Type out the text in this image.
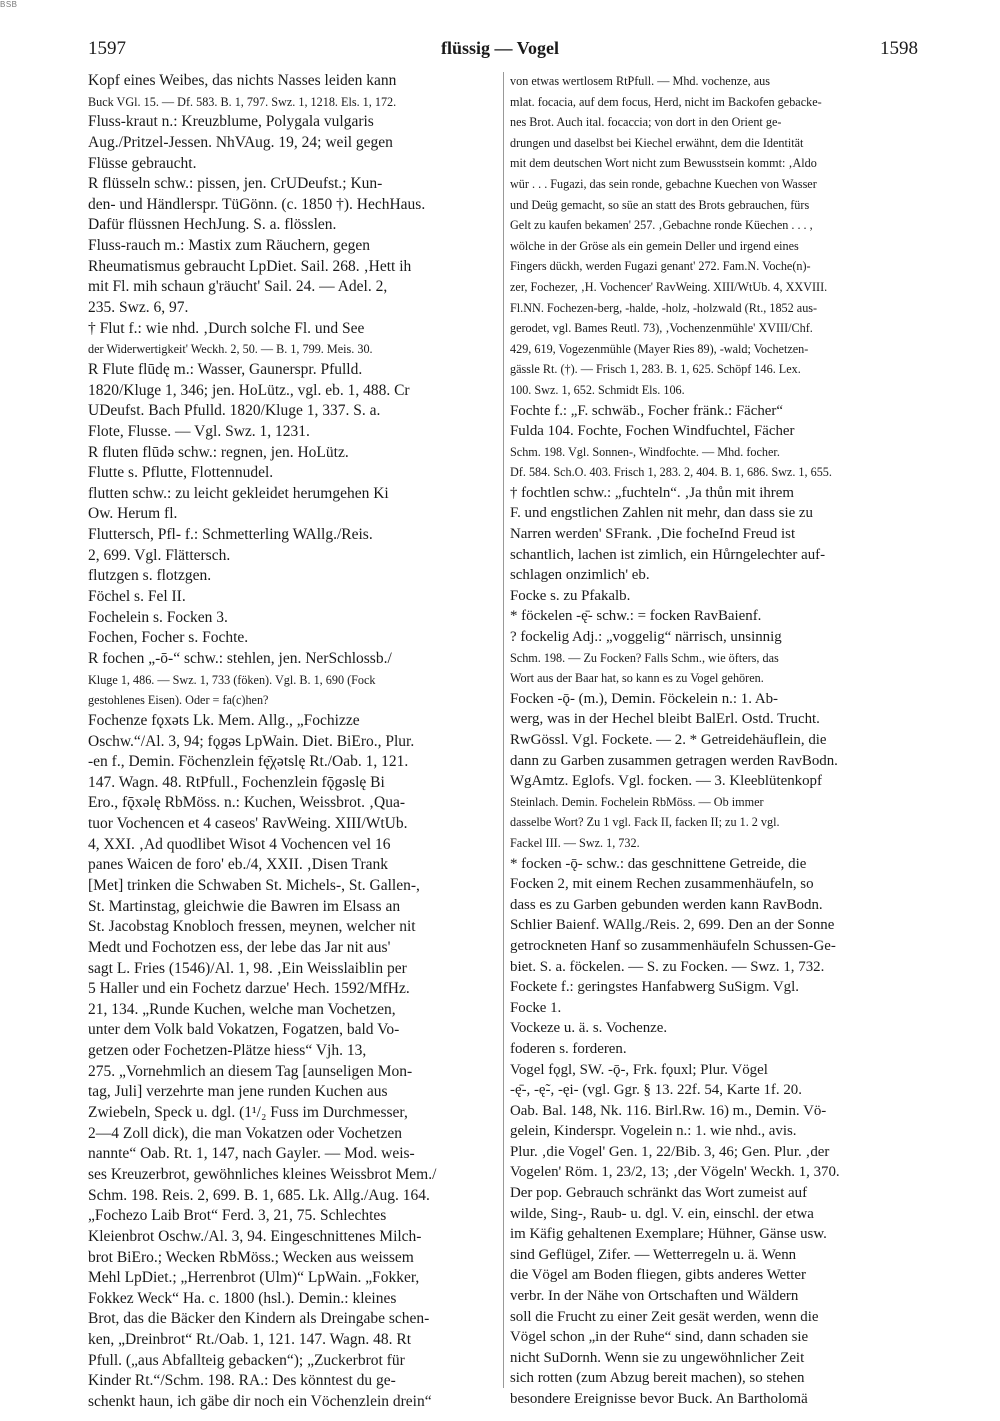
BSB
1597	flüssig — Vogel	1598

Kopf eines Weibes, das nichts Nasses leiden kann

Buck VGl. 15. — Df. 583. B. 1, 797. Swz. 1, 1218. Els. 1, 172.

Fluss-kraut n.: Kreuzblume, Polygala vulgaris

Aug./Pritzel-Jessen. NhVAug. 19, 24; weil gegen

Flüsse gebraucht.

R flüsseln schw.: pissen, jen. CrUDeufst.; Kun-

den- und Händlerspr. TüGönn. (c. 1850 †). HechHaus.

Dafür flüssnen HechJung. S. a. flösslen.

Fluss-rauch m.: Mastix zum Räuchern, gegen

Rheumatismus gebraucht LpDiet. Sail. 268. ‚Hett ih

mit Fl. mih schaun g'räucht' Sail. 24. — Adel. 2,

235. Swz. 6, 97.

† Flut f.: wie nhd. ‚Durch solche Fl. und See

der Widerwertigkeit' Weckh. 2, 50. — B. 1, 799. Meis. 30.

R Flute flūdę m.: Wasser, Gaunerspr. Pfulld.

1820/Kluge 1, 346; jen. HoLütz., vgl. eb. 1, 488. Cr

UDeufst. Bach Pfulld. 1820/Kluge 1, 337. S. a.

Flote, Flusse. — Vgl. Swz. 1, 1231.

R fluten flūdə schw.: regnen, jen. HoLütz.

Flutte s. Pflutte, Flottennudel.

flutten schw.: zu leicht gekleidet herumgehen Ki

Ow. Herum fl.

Fluttersch, Pfl- f.: Schmetterling WAllg./Reis.

2, 699. Vgl. Flättersch.

flutzgen s. flotzgen.

Föchel s. Fel II.

Fochelein s. Focken 3.

Fochen, Focher s. Fochte.

R fochen „-ō-“ schw.: stehlen, jen. NerSchlossb./

Kluge 1, 486. — Swz. 1, 733 (föken). Vgl. B. 1, 690 (Fock

gestohlenes Eisen). Oder = fa(c)hen?

Fochenze fǫxəts Lk. Mem. Allg., „Fochizze

Oschw.“/Al. 3, 94; fǫgəs LpWain. Diet. BiEro., Plur.

-en f., Demin. Föchenzlein fę̄χətslę Rt./Oab. 1, 121.

147. Wagn. 48. RtPfull., Fochenzlein fǭgəslę Bi

Ero., fǭxəlę RbMöss. n.: Kuchen, Weissbrot. ‚Qua-

tuor Vochencen et 4 caseos' RavWeing. XIII/WtUb.

4, XXI. ‚Ad quodlibet Wisot 4 Vochencen vel 16

panes Waicen de foro' eb./4, XXII. ‚Disen Trank

[Met] trinken die Schwaben St. Michels-, St. Gallen-,

St. Martinstag, gleichwie die Bawren im Elsass an

St. Jacobstag Knobloch fressen, meynen, welcher nit

Medt und Fochotzen ess, der lebe das Jar nit aus'

sagt L. Fries (1546)/Al. 1, 98. ‚Ein Weisslaiblin per

5 Haller und ein Fochetz darzue' Hech. 1592/MfHz.

21, 134. „Runde Kuchen, welche man Vochetzen,

unter dem Volk bald Vokatzen, Fogatzen, bald Vo-

getzen oder Fochetzen-Plätze hiess“ Vjh. 13,

275. „Vornehmlich an diesem Tag [aunseligen Mon-

tag, Juli] verzehrte man jene runden Kuchen aus

Zwiebeln, Speck u. dgl. (1¹/₂ Fuss im Durchmesser,

2—4 Zoll dick), die man Vokatzen oder Vochetzen

nannte“ Oab. Rt. 1, 147, nach Gayler. — Mod. weis-

ses Kreuzerbrot, gewöhnliches kleines Weissbrot Mem./

Schm. 198. Reis. 2, 699. B. 1, 685. Lk. Allg./Aug. 164.

„Fochezo Laib Brot“ Ferd. 3, 21, 75. Schlechtes

Kleienbrot Oschw./Al. 3, 94. Eingeschnittenes Milch-

brot BiEro.; Wecken RbMöss.; Wecken aus weissem

Mehl LpDiet.; „Herrenbrot (Ulm)“ LpWain. „Fokker,

Fokkez Weck“ Ha. c. 1800 (hsl.). Demin.: kleines

Brot, das die Bäcker den Kindern als Dreingabe schen-

ken, „Dreinbrot“ Rt./Oab. 1, 121. 147. Wagn. 48. Rt

Pfull. („aus Abfallteig gebacken“); „Zuckerbrot für

Kinder Rt.“/Schm. 198. RA.: Des könntest du ge-

schenkt haun, ich gäbe dir noch ein Vöchenzlein drein“

von etwas wertlosem RtPfull. — Mhd. vochenze, aus

mlat. focacia, auf dem focus, Herd, nicht im Backofen gebacke-

nes Brot. Auch ital. focaccia; von dort in den Orient ge-

drungen und daselbst bei Kiechel erwähnt, dem die Identität

mit dem deutschen Wort nicht zum Bewusstsein kommt: ‚Aldo

wür . . . Fugazi, das sein ronde, gebachne Kuechen von Wasser

und Deüg gemacht, so süe an statt des Brots gebrauchen, fürs

Gelt zu kaufen bekamen' 257. ‚Gebachne ronde Küechen . . . ,

wölche in der Gröse als ein gemein Deller und irgend eines

Fingers dückh, werden Fugazi genant' 272. Fam.N. Voche(n)-

zer, Fochezer, ‚H. Vochencer' RavWeing. XIII/WtUb. 4, XXVIII.

Fl.NN. Fochezen-berg, -halde, -holz, -holzwald (Rt., 1852 aus-

gerodet, vgl. Bames Reutl. 73), ‚Vochenzenmühle' XVIII/Chf.

429, 619, Vogezenmühle (Mayer Ries 89), -wald; Vochetzen-

gässle Rt. (†). — Frisch 1, 283. B. 1, 625. Schöpf 146. Lex.

100. Swz. 1, 652. Schmidt Els. 106.

Fochte f.: „F. schwäb., Focher fränk.: Fächer“

Fulda 104. Fochte, Fochen Windfuchtel, Fächer

Schm. 198. Vgl. Sonnen-, Windfochte. — Mhd. focher.

Df. 584. Sch.O. 403. Frisch 1, 283. 2, 404. B. 1, 686. Swz. 1, 655.

† fochtlen schw.: „fuchteln“. ‚Ja thůn mit ihrem

F. und engstlichen Zahlen nit mehr, dan dass sie zu

Narren werden' SFrank. ‚Die focheInd Freud ist

schantlich, lachen ist zimlich, ein Hůrngelechter auf-

schlagen onzimlich' eb.

Focke s. zu Pfakalb.

* föckelen -ę̄- schw.: = focken RavBaienf.

? fockelig Adj.: „voggelig“ närrisch, unsinnig

Schm. 198. — Zu Focken? Falls Schm., wie öfters, das

Wort aus der Baar hat, so kann es zu Vogel gehören.

Focken -ǭ- (m.), Demin. Föckelein n.: 1. Ab-

werg, was in der Hechel bleibt BalErl. Ostd. Trucht.

RwGössl. Vgl. Fockete. — 2. * Getreidehäuflein, die

dann zu Garben zusammen getragen werden RavBodn.

WgAmtz. Eglofs. Vgl. focken. — 3. Kleeblütenkopf

Steinlach. Demin. Fochelein RbMöss. — Ob immer

dasselbe Wort? Zu 1 vgl. Fack II, facken II; zu 1. 2 vgl.

Fackel III. — Swz. 1, 732.

* focken -ǭ- schw.: das geschnittene Getreide, die

Focken 2, mit einem Rechen zusammenhäufeln, so

dass es zu Garben gebunden werden kann RavBodn.

Schlier Baienf. WAllg./Reis. 2, 699. Den an der Sonne

getrockneten Hanf so zusammenhäufeln Schussen-Ge-

biet. S. a. föckelen. — S. zu Focken. — Swz. 1, 732.

Fockete f.: geringstes Hanfabwerg SuSigm. Vgl.

Focke 1.

Vockeze u. ä. s. Vochenze.

foderen s. forderen.

Vogel fǫgl, SW. -ǭ-, Frk. fǫuxl; Plur. Vögel

-ę̄-, -ę̃-, -ęi- (vgl. Ggr. § 13. 22f. 54, Karte 1f. 20.

Oab. Bal. 148, Nk. 116. Birl.Rw. 16) m., Demin. Vö-

gelein, Kinderspr. Vogelein n.: 1. wie nhd., avis.

Plur. ‚die Vogel' Gen. 1, 22/Bib. 3, 46; Gen. Plur. ‚der

Vogelen' Röm. 1, 23/2, 13; ‚der Vögeln' Weckh. 1, 370.

Der pop. Gebrauch schränkt das Wort zumeist auf

wilde, Sing-, Raub- u. dgl. V. ein, einschl. der etwa

im Käfig gehaltenen Exemplare; Hühner, Gänse usw.

sind Geflügel, Zifer. — Wetterregeln u. ä. Wenn

die Vögel am Boden fliegen, gibts anderes Wetter

verbr. In der Nähe von Ortschaften und Wäldern

soll die Frucht zu einer Zeit gesät werden, wenn die

Vögel schon „in der Ruhe“ sind, dann schaden sie

nicht SuDornh. Wenn sie zu ungewöhnlicher Zeit

sich rotten (zum Abzug bereit machen), so stehen

besondere Ereignisse bevor Buck. An Bartholomä
